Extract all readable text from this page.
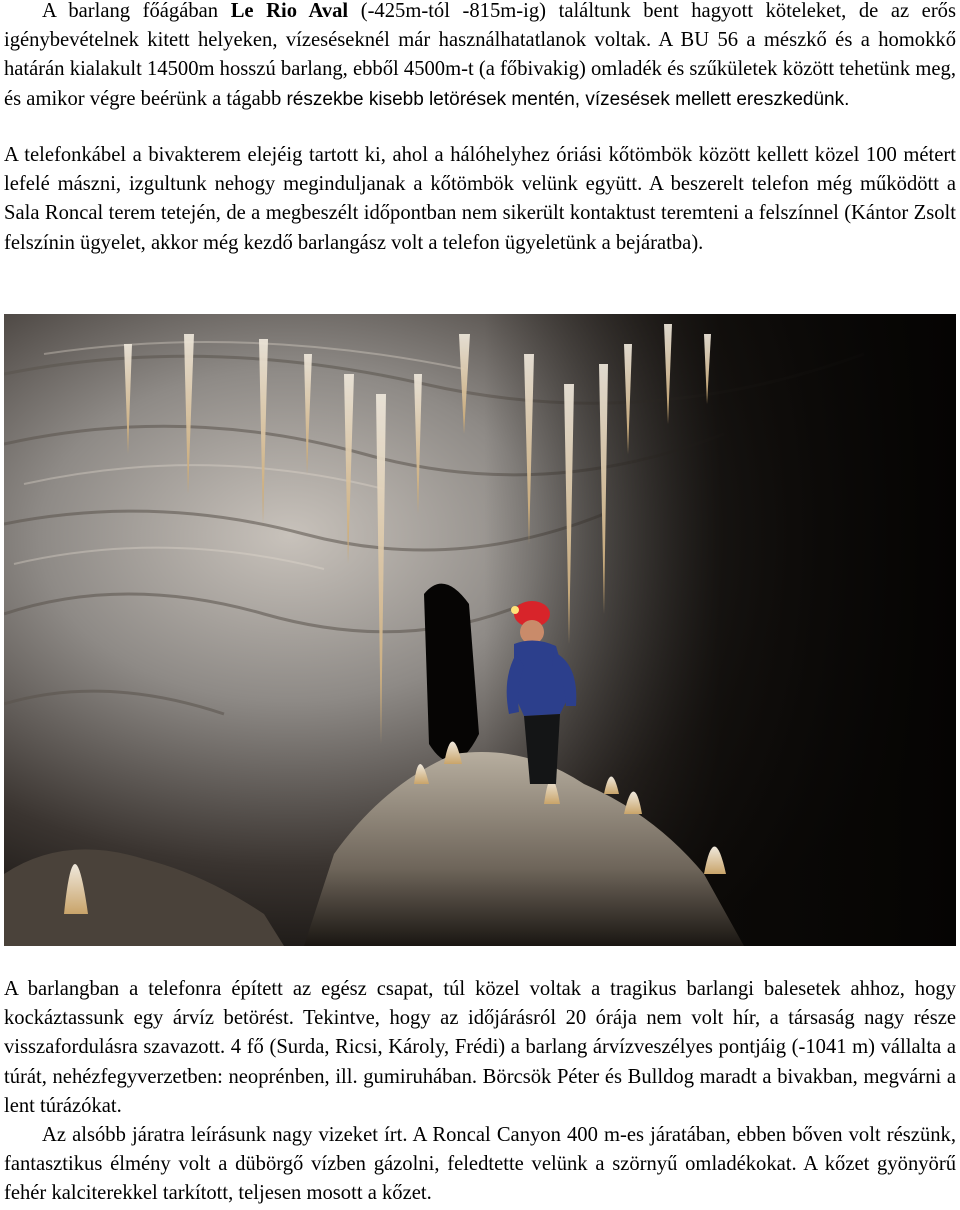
A barlang főágában Le Rio Aval (-425m-tól -815m-ig) találtunk bent hagyott köteleket, de az erős igénybevételnek kitett helyeken, vízeséseknél már használhatatlanok voltak. A BU 56 a mészkő és a homokkő határán kialakult 14500m hosszú barlang, ebből 4500m-t (a főbivakig) omladék és szűkületek között tehetünk meg, és amikor végre beérünk a tágabb részekbe kisebb letörések mentén, vízesések mellett ereszkedünk.

A telefonkábel a bivakterem elejéig tartott ki, ahol a hálóhelyhez óriási kőtömbök között kellett közel 100 métert lefelé mászni, izgultunk nehogy meginduljanak a kőtömbök velünk együtt. A beszerelt telefon még működött a Sala Roncal terem tetején, de a megbeszélt időpontban nem sikerült kontaktust teremteni a felszínnel (Kántor Zsolt felszínin ügyelet, akkor még kezdő barlangász volt a telefon ügyeletünk a bejáratba).

A barlangban a telefonra épített az egész csapat, túl közel voltak a tragikus barlangi balesetek ahhoz, hogy kockáztassunk egy árvíz betörést. Tekintve, hogy az időjárásról 20 órája nem volt hír, a társaság nagy része visszafordulásra szavazott. 4 fő (Surda, Ricsi, Károly, Frédi) a barlang árvízveszélyes pontjáig (-1041 m) vállalta a túrát, nehézfegyverzetben: neoprénben, ill. gumiruhában. Börcsök Péter és Bulldog maradt a bivakban, megvárni a lent túrázókat.

Az alsóbb járatra leírásunk nagy vizeket írt. A Roncal Canyon 400 m-es járatában, ebben bőven volt részünk, fantasztikus élmény volt a dübörgő vízben gázolni, feledtette velünk a szörnyű omladékokat. A kőzet gyönyörű fehér kalciterekkel tarkított, teljesen mosott a kőzet.
